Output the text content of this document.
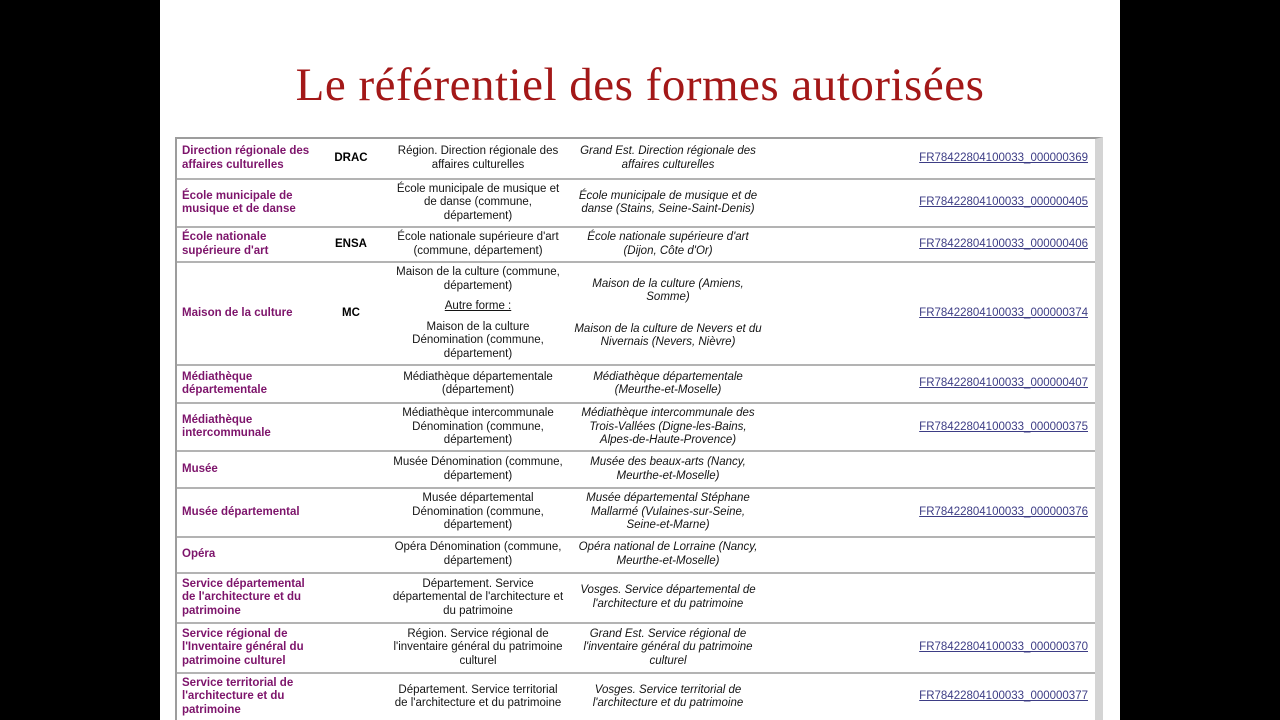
Le référentiel des formes autorisées
Direction régionale des affaires culturelles
DRAC
Région. Direction régionale des affaires culturelles
Grand Est. Direction régionale des affaires culturelles
FR78422804100033_000000369
École municipale de musique et de danse
École municipale de musique et de danse (commune, département)
École municipale de musique et de danse (Stains, Seine-Saint-Denis)
FR78422804100033_000000405
École nationale supérieure d'art
ENSA
École nationale supérieure d'art (commune, département)
École nationale supérieure d'art (Dijon, Côte d'Or)
FR78422804100033_000000406
Maison de la culture	MC

Maison de la culture (commune, département)

Autre forme :

Maison de la culture Dénomination (commune, département)

Maison de la culture (Amiens, Somme)

Maison de la culture de Nevers et du Nivernais (Nevers, Nièvre)

FR78422804100033_000000374
Médiathèque départementale
Médiathèque départementale (département)
Médiathèque départementale (Meurthe-et-Moselle)
FR78422804100033_000000407
Médiathèque intercommunale
Médiathèque intercommunale Dénomination (commune, département)
Médiathèque intercommunale des Trois-Vallées (Digne-les-Bains, Alpes-de-Haute-Provence)
FR78422804100033_000000375
Musée
Musée Dénomination (commune, département)
Musée des beaux-arts (Nancy, Meurthe-et-Moselle)
Musée départemental
Musée départemental Dénomination (commune, département)
Musée départemental Stéphane Mallarmé (Vulaines-sur-Seine, Seine-et-Marne)
FR78422804100033_000000376
Opéra
Opéra Dénomination (commune, département)
Opéra national de Lorraine (Nancy, Meurthe-et-Moselle)
Service départemental de l'architecture et du patrimoine
Département. Service départemental de l'architecture et du patrimoine
Vosges. Service départemental de l'architecture et du patrimoine
Service régional de l'Inventaire général du patrimoine culturel
Région. Service régional de l'inventaire général du patrimoine culturel
Grand Est. Service régional de l'inventaire général du patrimoine culturel
FR78422804100033_000000370
Service territorial de l'architecture et du patrimoine
Département. Service territorial de l'architecture et du patrimoine
Vosges. Service territorial de l'architecture et du patrimoine
FR78422804100033_000000377
